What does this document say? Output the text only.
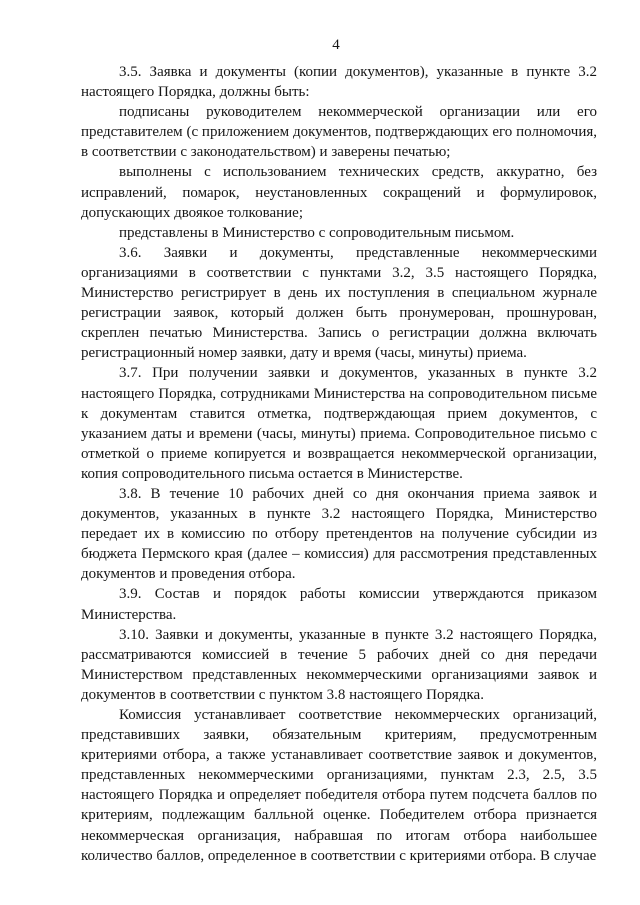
4

3.5. Заявка и документы (копии документов), указанные в пункте 3.2 настоящего Порядка, должны быть:

подписаны руководителем некоммерческой организации или его представителем (с приложением документов, подтверждающих его полномочия, в соответствии с законодательством) и заверены печатью;

выполнены с использованием технических средств, аккуратно, без исправлений, помарок, неустановленных сокращений и формулировок, допускающих двоякое толкование;

представлены в Министерство с сопроводительным письмом.

3.6. Заявки и документы, представленные некоммерческими организациями в соответствии с пунктами 3.2, 3.5 настоящего Порядка, Министерство регистрирует в день их поступления в специальном журнале регистрации заявок, который должен быть пронумерован, прошнурован, скреплен печатью Министерства. Запись о регистрации должна включать регистрационный номер заявки, дату и время (часы, минуты) приема.

3.7. При получении заявки и документов, указанных в пункте 3.2 настоящего Порядка, сотрудниками Министерства на сопроводительном письме к документам ставится отметка, подтверждающая прием документов, с указанием даты и времени (часы, минуты) приема. Сопроводительное письмо с отметкой о приеме копируется и возвращается некоммерческой организации, копия сопроводительного письма остается в Министерстве.

3.8. В течение 10 рабочих дней со дня окончания приема заявок и документов, указанных в пункте 3.2 настоящего Порядка, Министерство передает их в комиссию по отбору претендентов на получение субсидии из бюджета Пермского края (далее – комиссия) для рассмотрения представленных документов и проведения отбора.

3.9. Состав и порядок работы комиссии утверждаются приказом Министерства.

3.10. Заявки и документы, указанные в пункте 3.2 настоящего Порядка, рассматриваются комиссией в течение 5 рабочих дней со дня передачи Министерством представленных некоммерческими организациями заявок и документов в соответствии с пунктом 3.8 настоящего Порядка.

Комиссия устанавливает соответствие некоммерческих организаций, представивших заявки, обязательным критериям, предусмотренным критериями отбора, а также устанавливает соответствие заявок и документов, представленных некоммерческими организациями, пунктам 2.3, 2.5, 3.5 настоящего Порядка и определяет победителя отбора путем подсчета баллов по критериям, подлежащим балльной оценке. Победителем отбора признается некоммерческая организация, набравшая по итогам отбора наибольшее количество баллов, определенное в соответствии с критериями отбора. В случае
